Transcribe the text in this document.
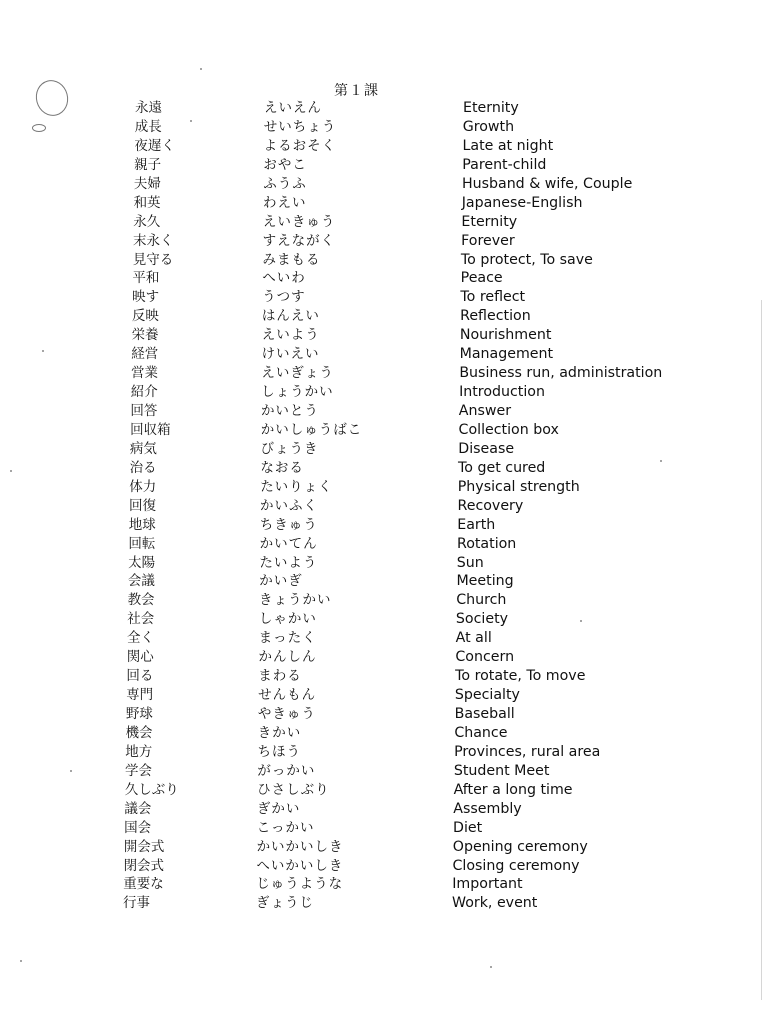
第１課
永遠	えいえん	Eternity
成長	せいちょう	Growth
夜遅く	よるおそく	Late at night
親子	おやこ	Parent-child
夫婦	ふうふ	Husband & wife, Couple
和英	わえい	Japanese-English
永久	えいきゅう	Eternity
末永く	すえながく	Forever
見守る	みまもる	To protect, To save
平和	へいわ	Peace
映す	うつす	To reflect
反映	はんえい	Reflection
栄養	えいよう	Nourishment
経営	けいえい	Management
営業	えいぎょう	Business run, administration
紹介	しょうかい	Introduction
回答	かいとう	Answer
回収箱	かいしゅうばこ	Collection box
病気	びょうき	Disease
治る	なおる	To get cured
体力	たいりょく	Physical strength
回復	かいふく	Recovery
地球	ちきゅう	Earth
回転	かいてん	Rotation
太陽	たいよう	Sun
会議	かいぎ	Meeting
教会	きょうかい	Church
社会	しゃかい	Society
全く	まったく	At all
関心	かんしん	Concern
回る	まわる	To rotate, To move
専門	せんもん	Specialty
野球	やきゅう	Baseball
機会	きかい	Chance
地方	ちほう	Provinces, rural area
学会	がっかい	Student Meet
久しぶり	ひさしぶり	After a long time
議会	ぎかい	Assembly
国会	こっかい	Diet
開会式	かいかいしき	Opening ceremony
閉会式	へいかいしき	Closing ceremony
重要な	じゅうような	Important
行事	ぎょうじ	Work, event
